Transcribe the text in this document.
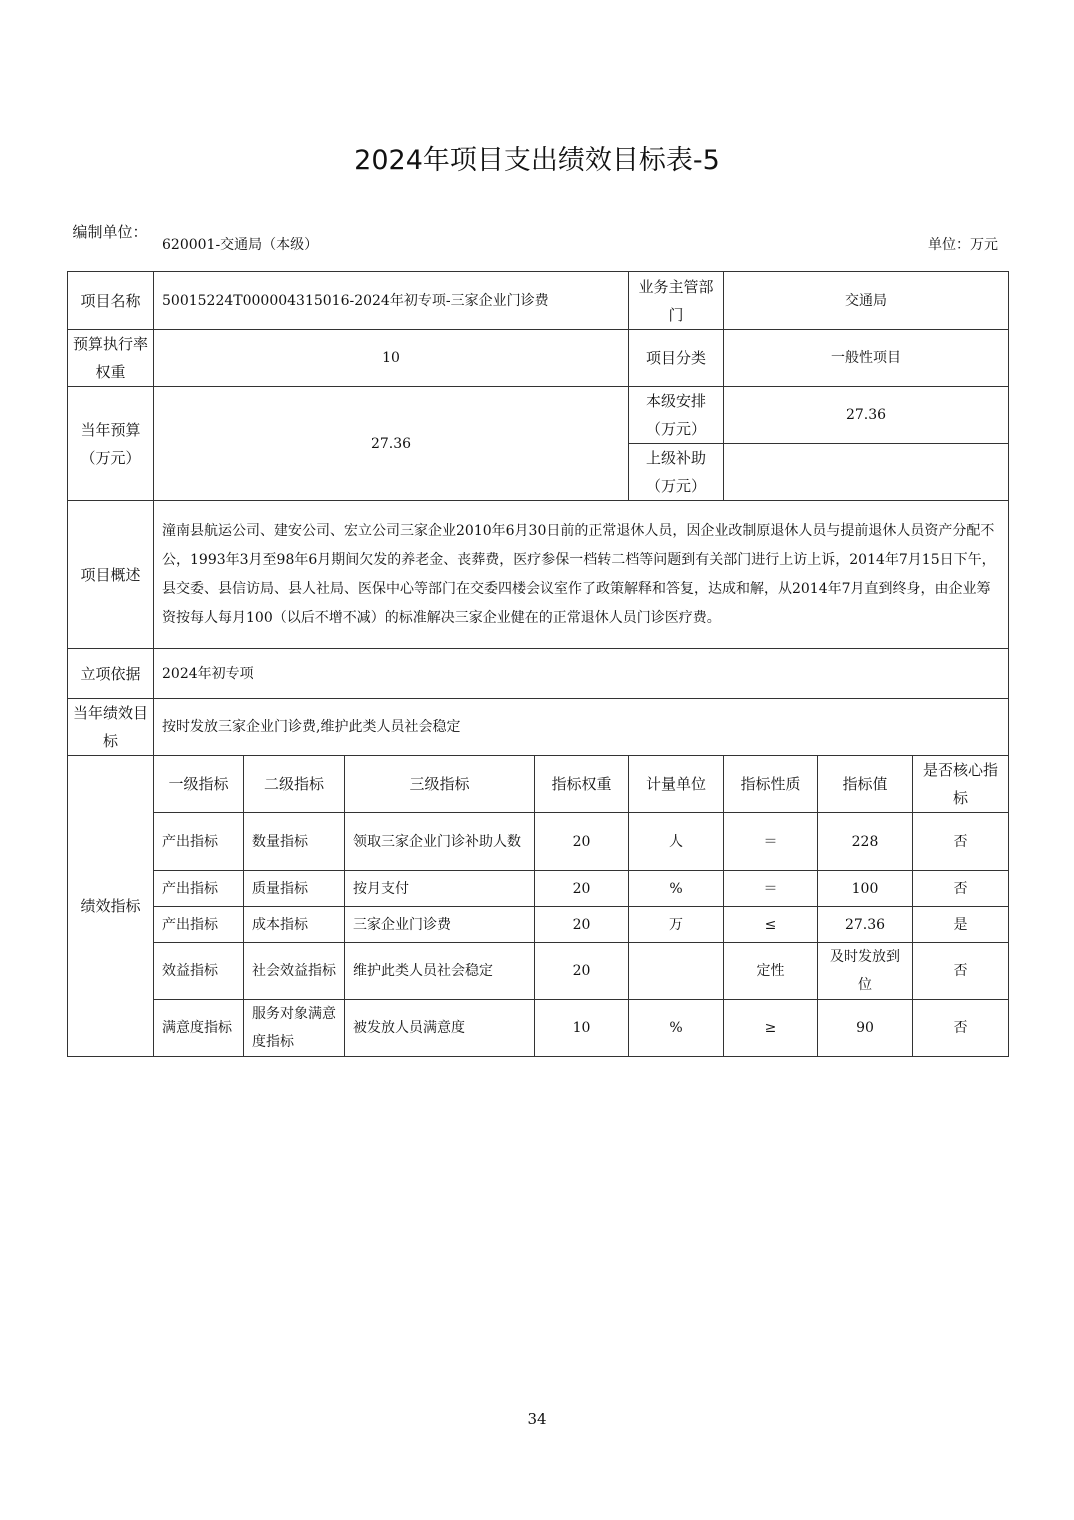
2024年项目支出绩效目标表-5
编制单位：
620001-交通局（本级）	单位：万元
项目名称	50015224T000004315016-2024年初专项-三家企业门诊费				业务主管部门	交通局		
预算执行率权重	10				项目分类	一般性项目		
当年预算（万元）	27.36				本级安排（万元）	27.36		
					上级补助（万元）			
项目概述	潼南县航运公司、建安公司、宏立公司三家企业2010年6月30日前的正常退休人员，因企业改制原退休人员与提前退休人员资产分配不公，1993年3月至98年6月期间欠发的养老金、丧葬费，医疗参保一档转二档等问题到有关部门进行上访上诉，2014年7月15日下午，县交委、县信访局、县人社局、医保中心等部门在交委四楼会议室作了政策解释和答复，达成和解，从2014年7月直到终身，由企业筹资按每人每月100（以后不增不减）的标准解决三家企业健在的正常退休人员门诊医疗费。							
立项依据	2024年初专项							
当年绩效目标	按时发放三家企业门诊费,维护此类人员社会稳定							
绩效指标	一级指标	二级指标	三级指标	指标权重	计量单位	指标性质	指标值	是否核心指标
	产出指标	数量指标	领取三家企业门诊补助人数	20	人	＝	228	否
	产出指标	质量指标	按月支付	20	%	＝	100	否
	产出指标	成本指标	三家企业门诊费	20	万	≤	27.36	是
	效益指标	社会效益指标	维护此类人员社会稳定	20		定性	及时发放到位	否
	满意度指标	服务对象满意度指标	被发放人员满意度	10	%	≥	90	否
34
